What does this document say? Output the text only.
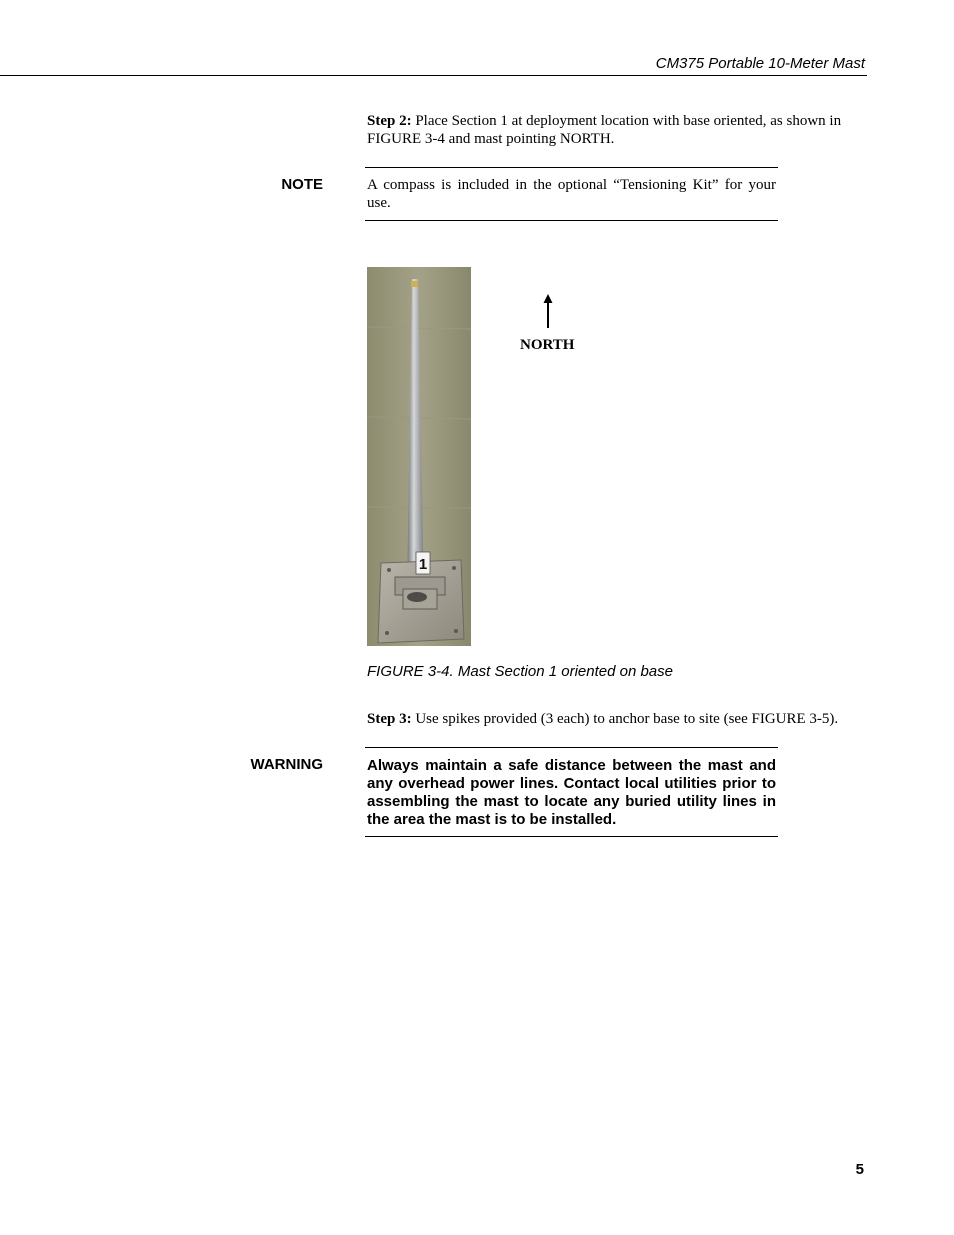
CM375 Portable 10-Meter Mast
Step 2: Place Section 1 at deployment location with base oriented, as shown in FIGURE 3-4 and mast pointing NORTH.
NOTE	A compass is included in the optional “Tensioning Kit” for your use.
1
NORTH
FIGURE 3-4. Mast Section 1 oriented on base
Step 3: Use spikes provided (3 each) to anchor base to site (see FIGURE 3-5).
WARNING	Always maintain a safe distance between the mast and any overhead power lines. Contact local utilities prior to assembling the mast to locate any buried utility lines in the area the mast is to be installed.
5
